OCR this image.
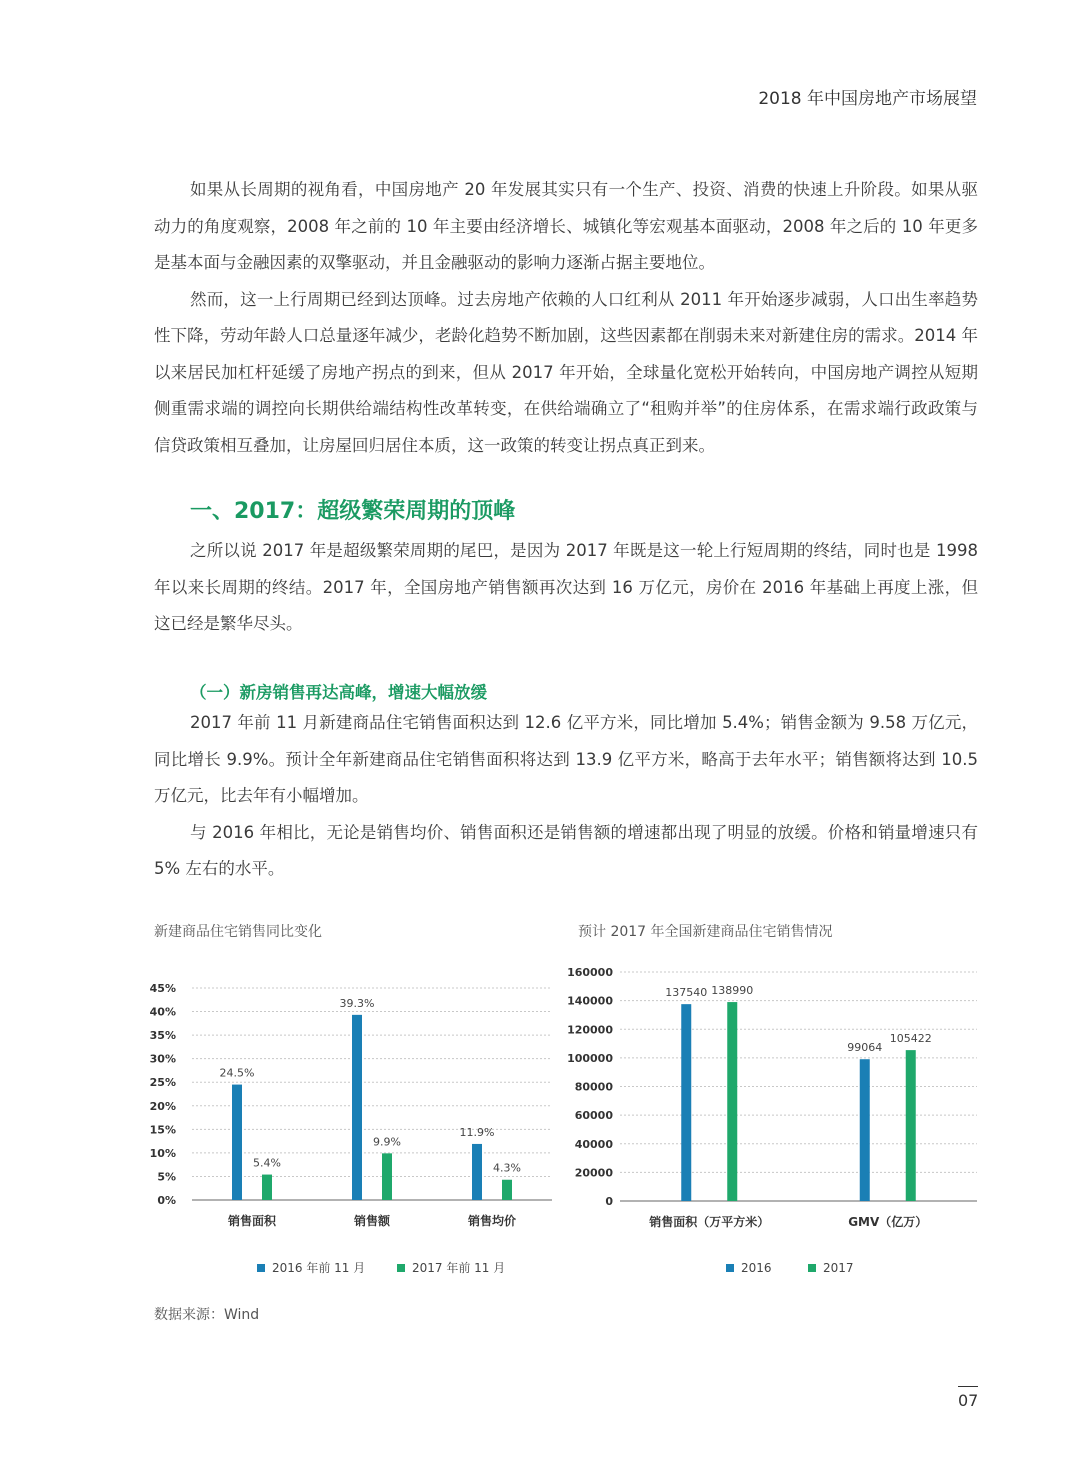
2018 年中国房地产市场展望

如果从长周期的视角看，中国房地产 20 年发展其实只有一个生产、投资、消费的快速上升阶段。如果从驱动力的角度观察，2008 年之前的 10 年主要由经济增长、城镇化等宏观基本面驱动，2008 年之后的 10 年更多是基本面与金融因素的双擎驱动，并且金融驱动的影响力逐渐占据主要地位。

然而，这一上行周期已经到达顶峰。过去房地产依赖的人口红利从 2011 年开始逐步减弱，人口出生率趋势性下降，劳动年龄人口总量逐年减少，老龄化趋势不断加剧，这些因素都在削弱未来对新建住房的需求。2014 年以来居民加杠杆延缓了房地产拐点的到来，但从 2017 年开始，全球量化宽松开始转向，中国房地产调控从短期侧重需求端的调控向长期供给端结构性改革转变，在供给端确立了“租购并举”的住房体系，在需求端行政政策与信贷政策相互叠加，让房屋回归居住本质，这一政策的转变让拐点真正到来。

一、2017：超级繁荣周期的顶峰

之所以说 2017 年是超级繁荣周期的尾巴，是因为 2017 年既是这一轮上行短周期的终结，同时也是 1998 年以来长周期的终结。2017 年，全国房地产销售额再次达到 16 万亿元，房价在 2016 年基础上再度上涨，但这已经是繁华尽头。

（一）新房销售再达高峰，增速大幅放缓

2017 年前 11 月新建商品住宅销售面积达到 12.6 亿平方米，同比增加 5.4%；销售金额为 9.58 万亿元，同比增长 9.9%。预计全年新建商品住宅销售面积将达到 13.9 亿平方米，略高于去年水平；销售额将达到 10.5 万亿元，比去年有小幅增加。

与 2016 年相比，无论是销售均价、销售面积还是销售额的增速都出现了明显的放缓。价格和销量增速只有 5% 左右的水平。

新建商品住宅销售同比变化	预计 2017 年全国新建商品住宅销售情况
0%
5%
10%
15%
20%
25%
30%
35%
40%
45%
24.5%
5.4%
销售面积
39.3%
9.9%
销售额
11.9%
4.3%
销售均价
2016 年前 11 月	2017 年前 11 月
0
20000
40000
60000
80000
100000
120000
140000
160000
137540 138990
销售面积（万平方米）
99064
105422
GMV（亿万）
2016	2017
数据来源：Wind
07
